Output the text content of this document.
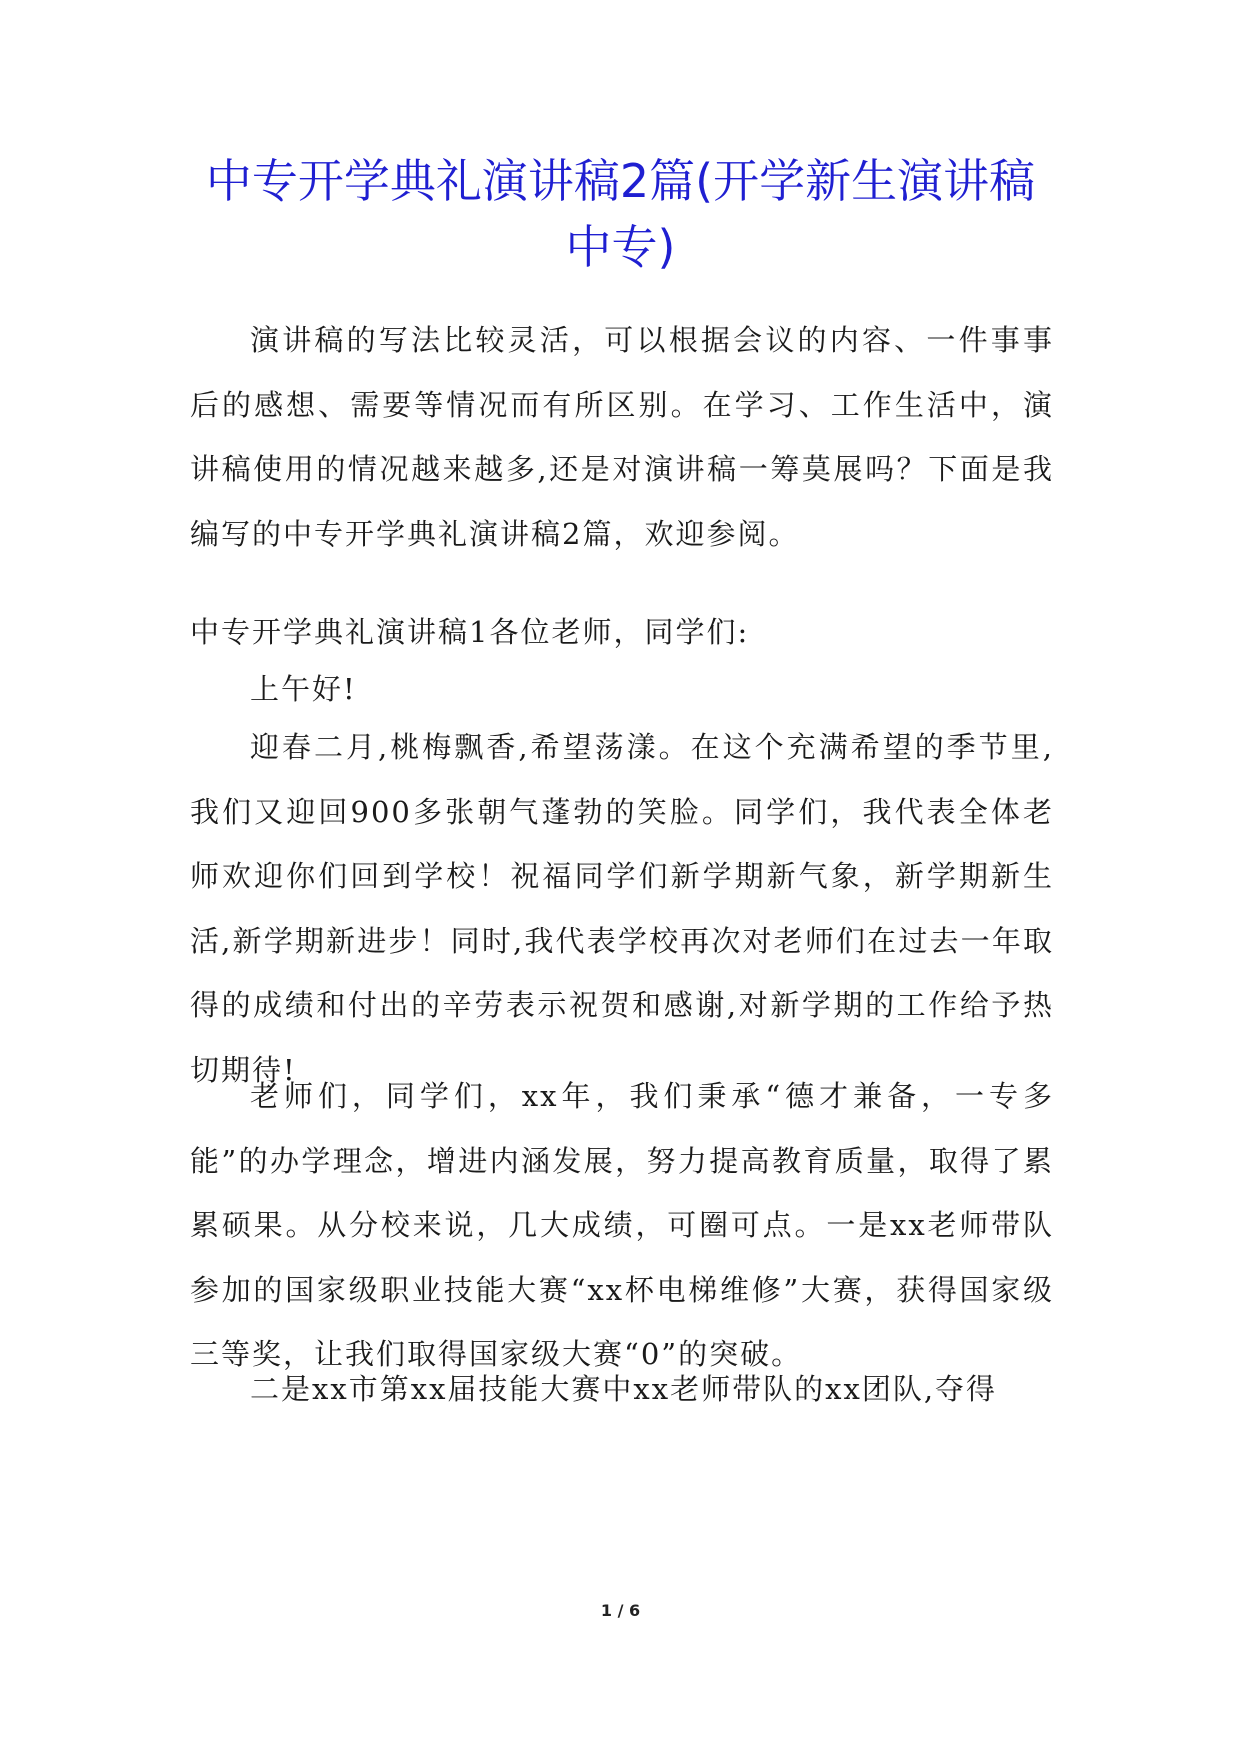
中专开学典礼演讲稿2篇(开学新生演讲稿
中专)

演讲稿的写法比较灵活，可以根据会议的内容、一件事事后的感想、需要等情况而有所区别。在学习、工作生活中，演讲稿使用的情况越来越多,还是对演讲稿一筹莫展吗？下面是我编写的中专开学典礼演讲稿2篇，欢迎参阅。

中专开学典礼演讲稿1各位老师，同学们:

上午好!

迎春二月,桃梅飘香,希望荡漾。在这个充满希望的季节里,我们又迎回900多张朝气蓬勃的笑脸。同学们，我代表全体老师欢迎你们回到学校！祝福同学们新学期新气象，新学期新生活,新学期新进步！同时,我代表学校再次对老师们在过去一年取得的成绩和付出的辛劳表示祝贺和感谢,对新学期的工作给予热切期待!

老师们，同学们，xx年，我们秉承“德才兼备，一专多能”的办学理念，增进内涵发展，努力提高教育质量，取得了累累硕果。从分校来说，几大成绩，可圈可点。一是xx老师带队参加的国家级职业技能大赛“xx杯电梯维修”大赛，获得国家级三等奖，让我们取得国家级大赛“0”的突破。

二是xx市第xx届技能大赛中xx老师带队的xx团队,夺得

1 / 6
